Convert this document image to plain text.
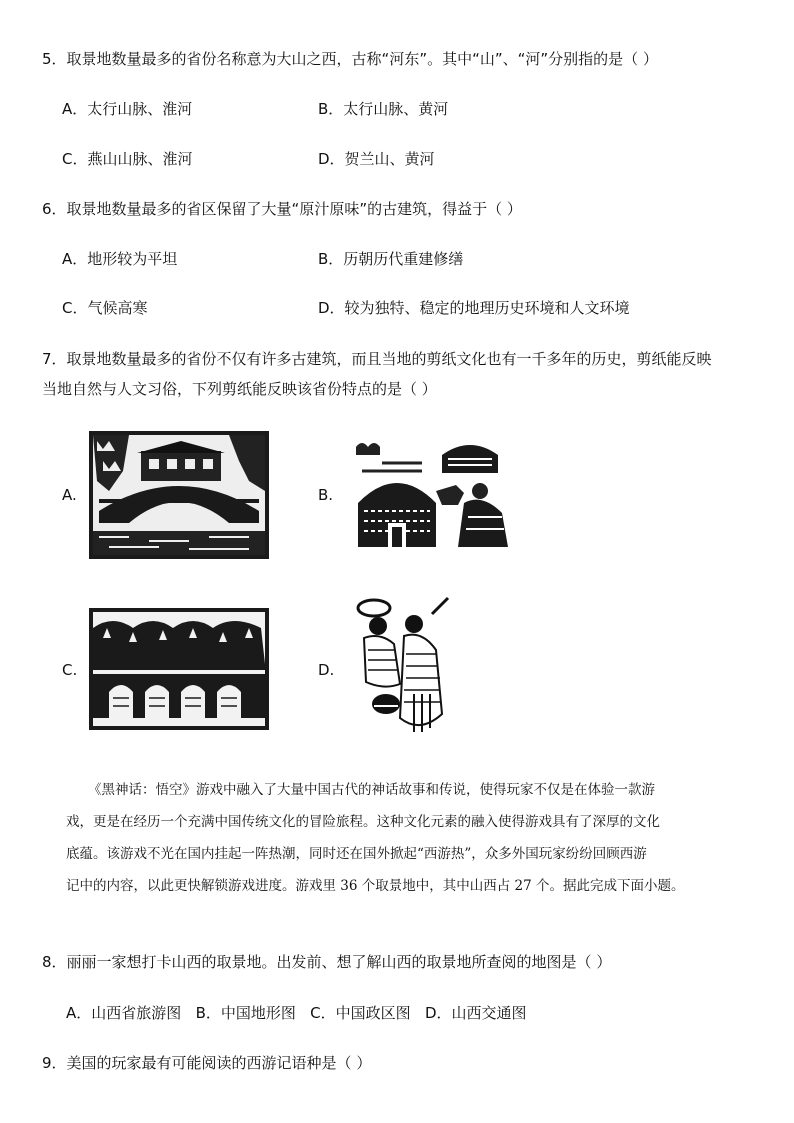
5．取景地数量最多的省份名称意为大山之西，古称“河东”。其中“山”、“河”分别指的是（ ）
A．太行山脉、淮河	B．太行山脉、黄河
C．燕山山脉、淮河	D．贺兰山、黄河
6．取景地数量最多的省区保留了大量“原汁原味”的古建筑，得益于（ ）
A．地形较为平坦	B．历朝历代重建修缮
C．气候高寒	D．较为独特、稳定的地理历史环境和人文环境
7．取景地数量最多的省份不仅有许多古建筑，而且当地的剪纸文化也有一千多年的历史，剪纸能反映
当地自然与人文习俗，下列剪纸能反映该省份特点的是（ ）
A.	B.
C.	D.
《黑神话：悟空》游戏中融入了大量中国古代的神话故事和传说，使得玩家不仅是在体验一款游
戏，更是在经历一个充满中国传统文化的冒险旅程。这种文化元素的融入使得游戏具有了深厚的文化
底蕴。该游戏不光在国内挂起一阵热潮，同时还在国外掀起“西游热”，众多外国玩家纷纷回顾西游
记中的内容，以此更快解锁游戏进度。游戏里 36 个取景地中，其中山西占 27 个。据此完成下面小题。
8．丽丽一家想打卡山西的取景地。出发前、想了解山西的取景地所查阅的地图是（ ）
A．山西省旅游图   B．中国地形图   C．中国政区图   D．山西交通图
9．美国的玩家最有可能阅读的西游记语种是（ ）
